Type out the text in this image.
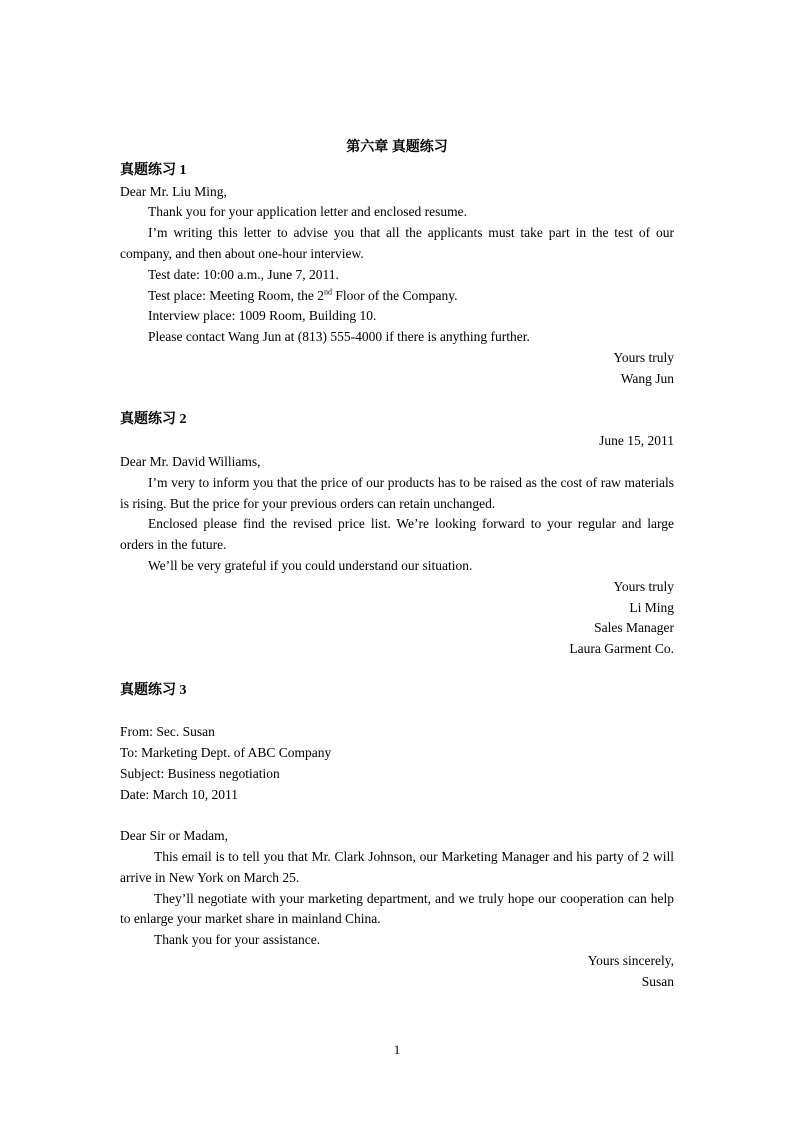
第六章 真题练习
真题练习 1

Dear Mr. Liu Ming,

Thank you for your application letter and enclosed resume.

I’m writing this letter to advise you that all the applicants must take part in the test of our company, and then about one-hour interview.

Test date: 10:00 a.m., June 7, 2011.

Test place: Meeting Room, the 2nd Floor of the Company.

Interview place: 1009 Room, Building 10.

Please contact Wang Jun at (813) 555-4000 if there is anything further.

Yours truly

Wang Jun

真题练习 2

June 15, 2011

Dear Mr. David Williams,

I’m very to inform you that the price of our products has to be raised as the cost of raw materials is rising. But the price for your previous orders can retain unchanged.

Enclosed please find the revised price list. We’re looking forward to your regular and large orders in the future.

We’ll be very grateful if you could understand our situation.

Yours truly

Li Ming

Sales Manager

Laura Garment Co.

真题练习 3

From: Sec. Susan

To: Marketing Dept. of ABC Company

Subject: Business negotiation

Date: March 10, 2011

Dear Sir or Madam,

This email is to tell you that Mr. Clark Johnson, our Marketing Manager and his party of 2 will arrive in New York on March 25.

They’ll negotiate with your marketing department, and we truly hope our cooperation can help to enlarge your market share in mainland China.

Thank you for your assistance.

Yours sincerely,

Susan

1
